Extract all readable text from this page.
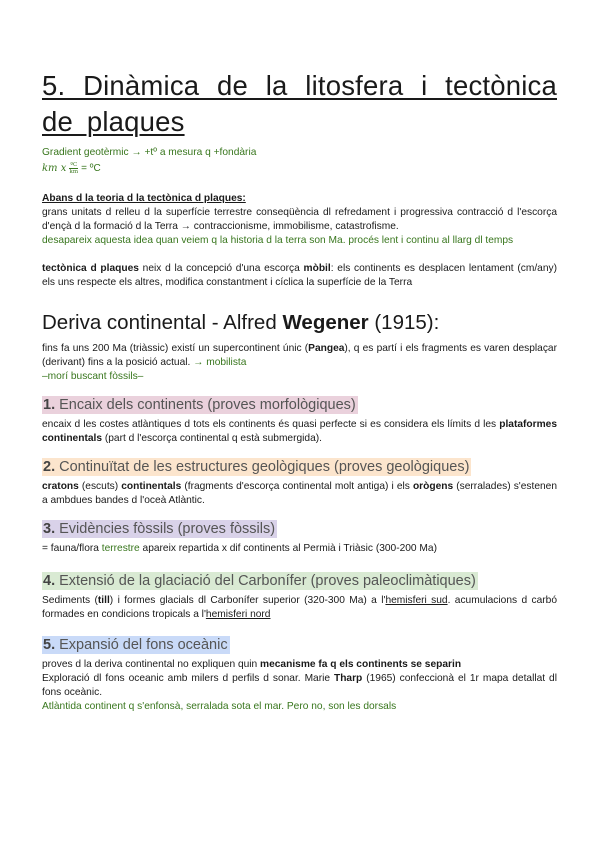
5. Dinàmica de la litosfera i tectònica de plaques
Gradient geotèrmic → +tº a mesura q +fondària
km x $\frac{\text{ºC}}{km}$ = ºC

Abans d la teoria d la tectònica d plaques:

grans unitats d relleu d la superfície terrestre conseqüència dl refredament i progressiva contracció d l'escorça d'ençà d la formació d la Terra → contraccionisme, immobilisme, catastrofisme.

desapareix aquesta idea quan veiem q la historia d la terra son Ma. procés lent i continu al llarg dl temps

tectònica d plaques neix d la concepció d'una escorça mòbil: els continents es desplacen lentament (cm/any) els uns respecte els altres, modifica constantment i cíclica la superfície de la Terra

Deriva continental - Alfred Wegener (1915):

fins fa uns 200 Ma (triàssic) existí un supercontinent únic (Pangea), q es partí i els fragments es varen desplaçar (derivant) fins a la posició actual. → mobilista

–morí buscant fòssils–

1. Encaix dels continents (proves morfològiques)

encaix d les costes atlàntiques d tots els continents és quasi perfecte si es considera els límits d les plataformes continentals (part d l'escorça continental q està submergida).

2. Continuïtat de les estructures geològiques (proves geològiques)

cratons (escuts) continentals (fragments d'escorça continental molt antiga) i els orògens (serralades) s'estenen a ambdues bandes d l'oceà Atlàntic.

3. Evidències fòssils (proves fòssils)

= fauna/flora terrestre apareix repartida x dif continents al Permià i Triàsic (300-200 Ma)

4. Extensió de la glaciació del Carbonífer (proves paleoclimàtiques)

Sediments (till) i formes glacials dl Carbonífer superior (320-300 Ma) a l'hemisferi sud. acumulacions d carbó formades en condicions tropicals a l'hemisferi nord

5. Expansió del fons oceànic

proves d la deriva continental no expliquen quin mecanisme fa q els continents se separin

Exploració dl fons oceanic amb milers d perfils d sonar. Marie Tharp (1965) confeccionà el 1r mapa detallat dl fons oceànic.

Atlàntida continent q s'enfonsà, serralada sota el mar. Pero no, son les dorsals
